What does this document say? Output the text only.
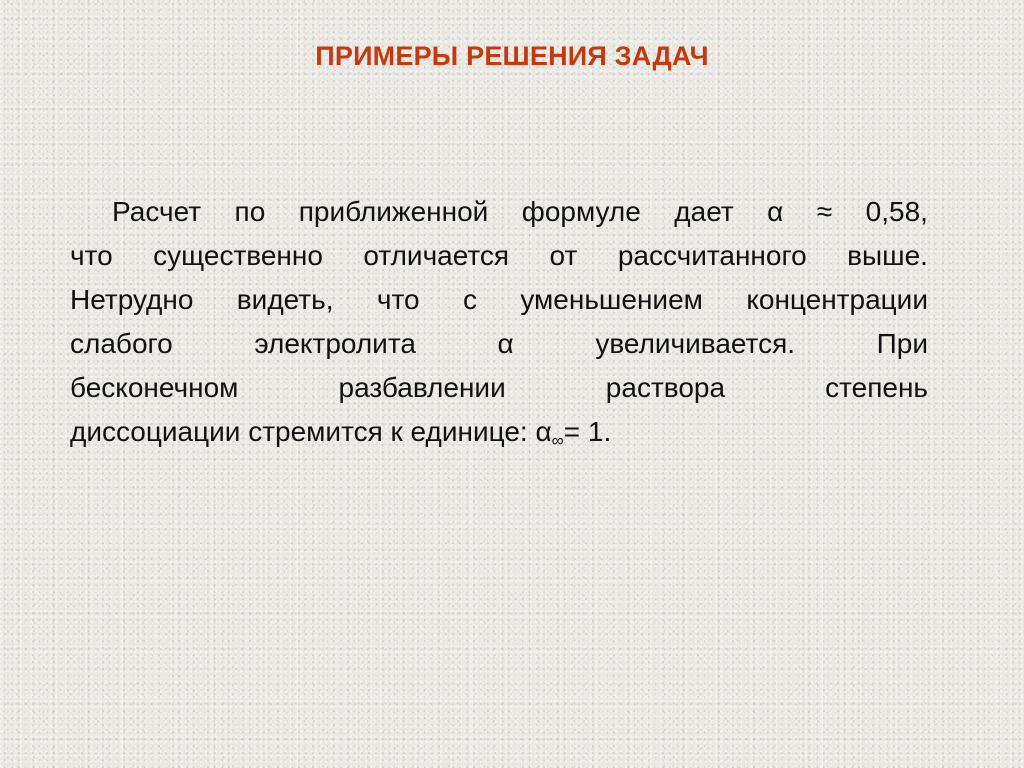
ПРИМЕРЫ РЕШЕНИЯ ЗАДАЧ
Расчет по приближенной формуле дает α ≈ 0,58,
что существенно отличается от рассчитанного выше.
Нетрудно видеть, что с уменьшением концентрации
слабого	электролита	α	увеличивается.	При
бесконечном	разбавлении	раствора	степень
диссоциации стремится к единице: $\alpha_\infty= 1$.
